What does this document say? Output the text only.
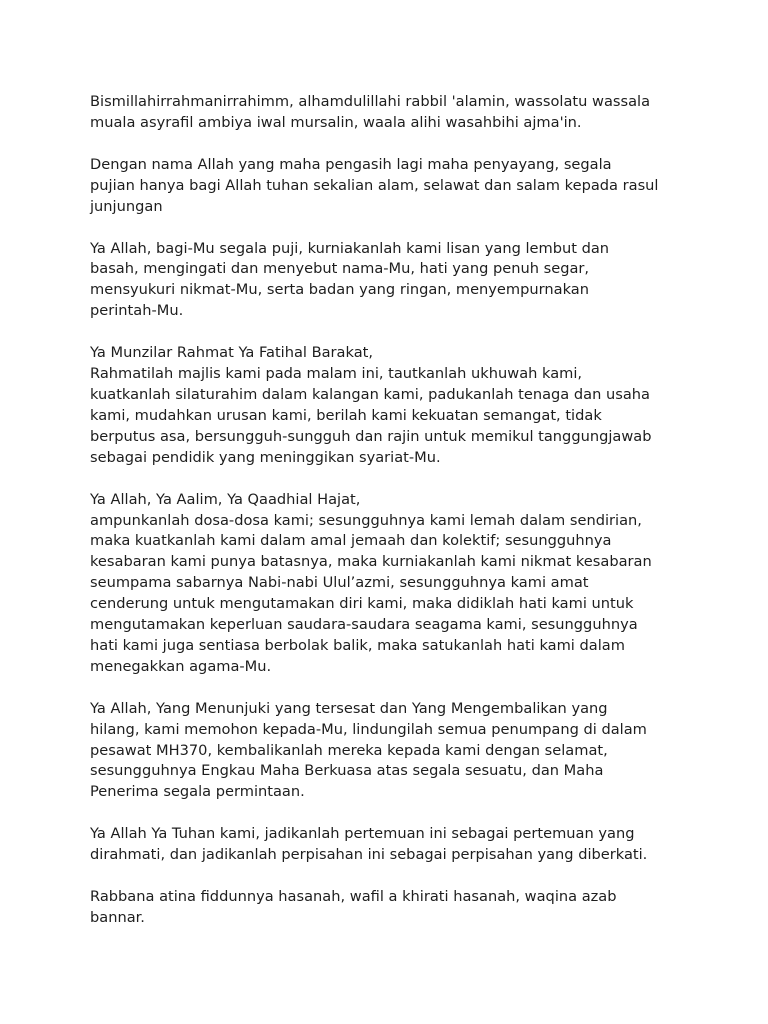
Bismillahirrahmanirrahimm, alhamdulillahi rabbil 'alamin, wassolatu wassala
muala asyrafil ambiya iwal mursalin, waala alihi wasahbihi ajma'in.
Dengan nama Allah yang maha pengasih lagi maha penyayang, segala
pujian hanya bagi Allah tuhan sekalian alam, selawat dan salam kepada rasul
junjungan
Ya Allah, bagi-Mu segala puji, kurniakanlah kami lisan yang lembut dan
basah, mengingati dan menyebut nama-Mu, hati yang penuh segar,
mensyukuri nikmat-Mu, serta badan yang ringan, menyempurnakan
perintah-Mu.
Ya Munzilar Rahmat Ya Fatihal Barakat,
Rahmatilah majlis kami pada malam ini, tautkanlah ukhuwah kami,
kuatkanlah silaturahim dalam kalangan kami, padukanlah tenaga dan usaha
kami, mudahkan urusan kami, berilah kami kekuatan semangat, tidak
berputus asa, bersungguh-sungguh dan rajin untuk memikul tanggungjawab
sebagai pendidik yang meninggikan syariat-Mu.
Ya Allah, Ya Aalim, Ya Qaadhial Hajat,
ampunkanlah dosa-dosa kami; sesungguhnya kami lemah dalam sendirian,
maka kuatkanlah kami dalam amal jemaah dan kolektif; sesungguhnya
kesabaran kami punya batasnya, maka kurniakanlah kami nikmat kesabaran
seumpama sabarnya Nabi-nabi Ulul’azmi, sesungguhnya kami amat
cenderung untuk mengutamakan diri kami, maka didiklah hati kami untuk
mengutamakan keperluan saudara-saudara seagama kami, sesungguhnya
hati kami juga sentiasa berbolak balik, maka satukanlah hati kami dalam
menegakkan agama-Mu.
Ya Allah, Yang Menunjuki yang tersesat dan Yang Mengembalikan yang
hilang, kami memohon kepada-Mu, lindungilah semua penumpang di dalam
pesawat MH370, kembalikanlah mereka kepada kami dengan selamat,
sesungguhnya Engkau Maha Berkuasa atas segala sesuatu, dan Maha
Penerima segala permintaan.
Ya Allah Ya Tuhan kami, jadikanlah pertemuan ini sebagai pertemuan yang
dirahmati, dan jadikanlah perpisahan ini sebagai perpisahan yang diberkati.
Rabbana atina fiddunnya hasanah, wafil a khirati hasanah, waqina azab
bannar.
